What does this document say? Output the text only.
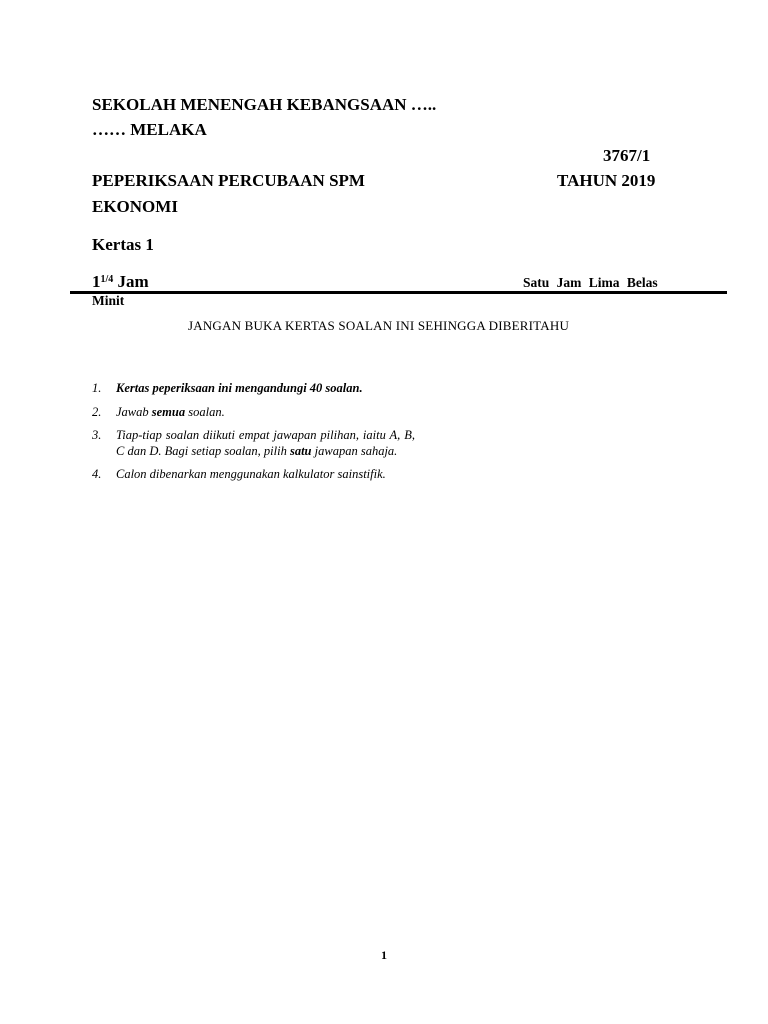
SEKOLAH MENENGAH KEBANGSAAN …..
…… MELAKA
3767/1
PEPERIKSAAN PERCUBAAN SPM	TAHUN 2019
EKONOMI
Kertas 1
$1^{1/4}$ Jam	Satu Jam Lima Belas
Minit
JANGAN BUKA KERTAS SOALAN INI SEHINGGA DIBERITAHU
1.	Kertas peperiksaan ini mengandungi 40 soalan.
2.	Jawab semua soalan.
3.	Tiap-tiap soalan diikuti empat jawapan pilihan, iaitu A, B, C dan D. Bagi setiap soalan, pilih satu jawapan sahaja.
4.	Calon dibenarkan menggunakan kalkulator sainstifik.
1
